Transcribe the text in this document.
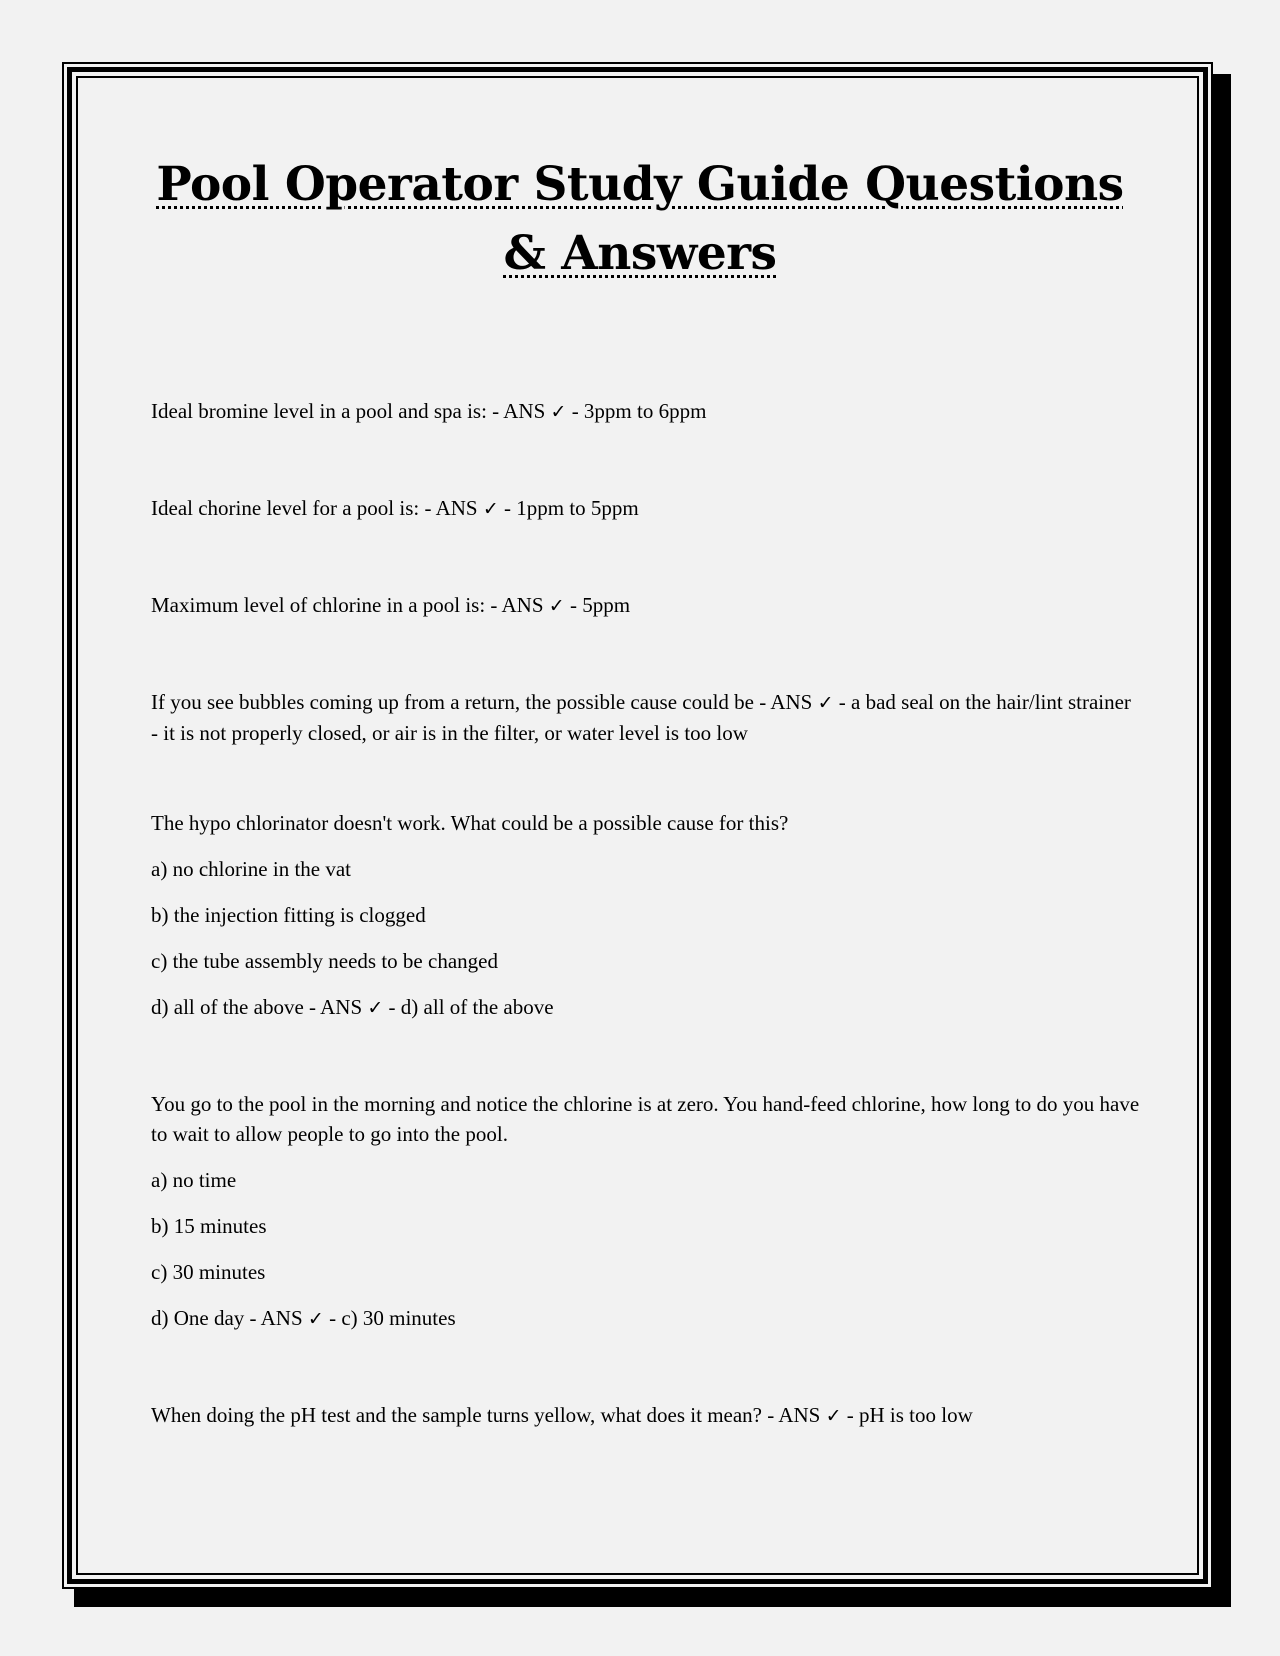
Pool Operator Study Guide Questions
& Answers

Ideal bromine level in a pool and spa is: - ANS ✓ - 3ppm to 6ppm

Ideal chorine level for a pool is: - ANS ✓ - 1ppm to 5ppm

Maximum level of chlorine in a pool is: - ANS ✓ - 5ppm

If you see bubbles coming up from a return, the possible cause could be - ANS ✓ - a bad seal on the hair/lint strainer - it is not properly closed, or air is in the filter, or water level is too low

The hypo chlorinator doesn't work. What could be a possible cause for this?

a) no chlorine in the vat

b) the injection fitting is clogged

c) the tube assembly needs to be changed

d) all of the above - ANS ✓ - d) all of the above

You go to the pool in the morning and notice the chlorine is at zero. You hand-feed chlorine, how long to do you have to wait to allow people to go into the pool.

a) no time

b) 15 minutes

c) 30 minutes

d) One day - ANS ✓ - c) 30 minutes

When doing the pH test and the sample turns yellow, what does it mean? - ANS ✓ - pH is too low
